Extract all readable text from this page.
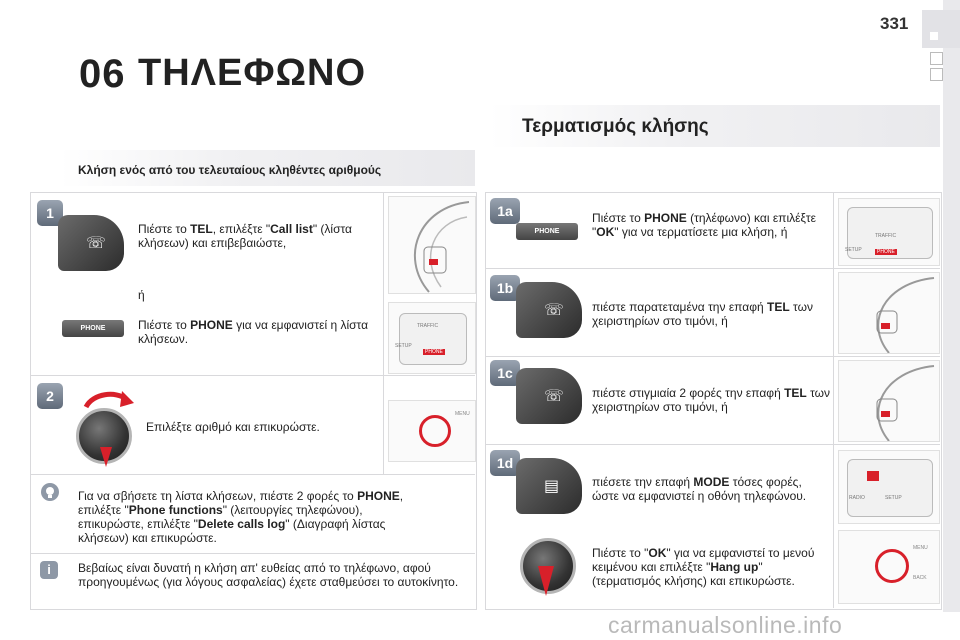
331
06 ΤΗΛΕΦΩΝΟ
Τερματισμός κλήσης
Κλήση ενός από του τελευταίους κληθέντες αριθμούς
1
☏
Πιέστε το TEL, επιλέξτε "Call list" (λίστα κλήσεων) και επιβεβαιώστε,
ή
PHONE	Πιέστε το PHONE για να εμφανιστεί η λίστα κλήσεων.
TRAFFIC
SETUP
PHONE
2
Επιλέξτε αριθμό και επικυρώστε.
MENU
Για να σβήσετε τη λίστα κλήσεων, πιέστε 2 φορές το PHONE,
επιλέξτε "Phone functions" (λειτουργίες τηλεφώνου),
επικυρώστε, επιλέξτε "Delete calls log" (Διαγραφή λίστας
κλήσεων) και επικυρώστε.
i	Βεβαίως είναι δυνατή η κλήση απ' ευθείας από το τηλέφωνο, αφού προηγουμένως (για λόγους ασφαλείας) έχετε σταθμεύσει το αυτοκίνητο.
1a
PHONE
Πιέστε το PHONE (τηλέφωνο) και επιλέξτε "OK" για να τερματίσετε μια κλήση, ή	TRAFFIC
SETUP	PHONE
1b
☏ πιέστε παρατεταμένα την επαφή TEL των χειριστηρίων στο τιμόνι, ή
1c
☏ πιέστε στιγμιαία 2 φορές την επαφή TEL των χειριστηρίων στο τιμόνι, ή
1d
▤	πιέσετε την επαφή MODE τόσες φορές, ώστε να εμφανιστεί η οθόνη τηλεφώνου.
Πιέστε το "OK" για να εμφανιστεί το μενού κειμένου και επιλέξτε "Hang up" (τερματισμός κλήσης) και επικυρώστε.
RADIO	SETUP
MENU
BACK
carmanualsonline.info
